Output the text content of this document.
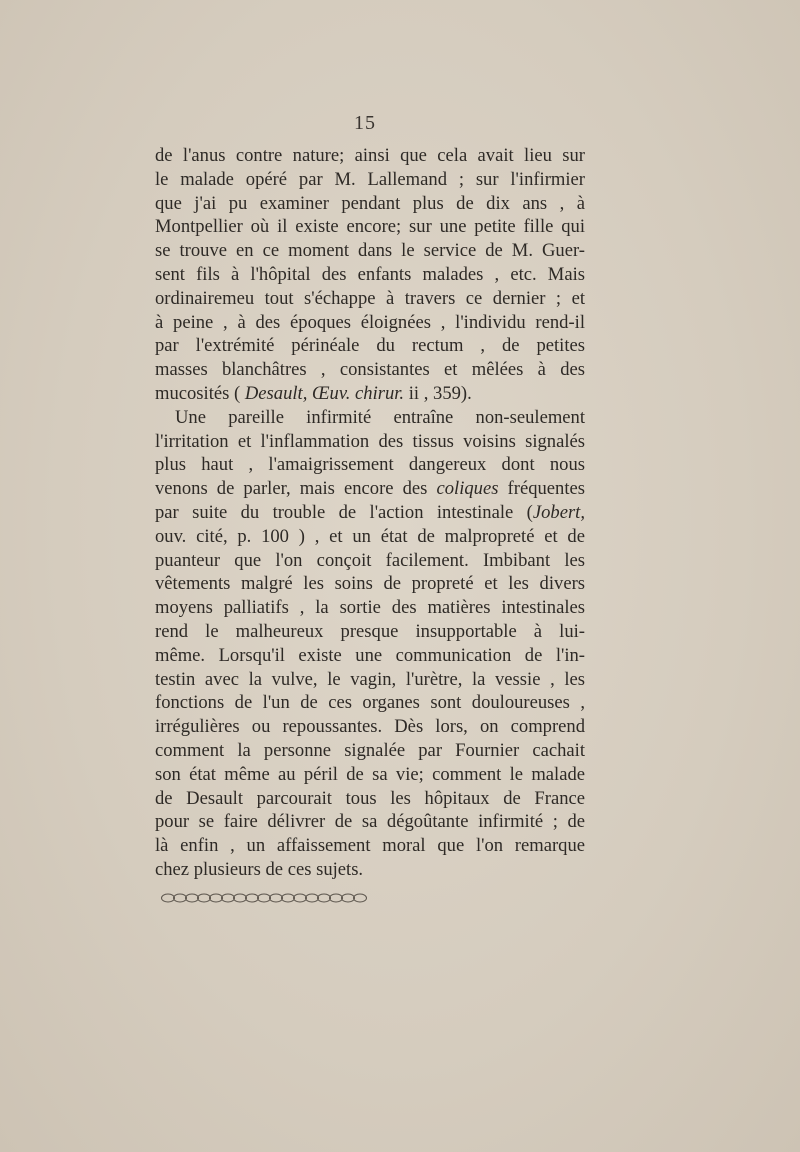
15
de l'anus contre nature; ainsi que cela avait lieu sur
le malade opéré par M. Lallemand ; sur l'infirmier
que j'ai pu examiner pendant plus de dix ans , à
Montpellier où il existe encore; sur une petite fille qui
se trouve en ce moment dans le service de M. Guer-
sent fils à l'hôpital des enfants malades , etc. Mais
ordinairemeu tout s'échappe à travers ce dernier ; et
à peine , à des époques éloignées , l'individu rend-il
par l'extrémité périnéale du rectum , de petites
masses blanchâtres , consistantes et mêlées à des
mucosités ( Desault, Œuv. chirur. ii , 359).
Une pareille infirmité entraîne non-seulement
l'irritation et l'inflammation des tissus voisins signalés
plus haut , l'amaigrissement dangereux dont nous
venons de parler, mais encore des coliques fréquentes
par suite du trouble de l'action intestinale (Jobert,
ouv. cité, p. 100 ) , et un état de malpropreté et de
puanteur que l'on conçoit facilement. Imbibant les
vêtements malgré les soins de propreté et les divers
moyens palliatifs , la sortie des matières intestinales
rend le malheureux presque insupportable à lui-
même. Lorsqu'il existe une communication de l'in-
testin avec la vulve, le vagin, l'urètre, la vessie , les
fonctions de l'un de ces organes sont douloureuses ,
irrégulières ou repoussantes. Dès lors, on comprend
comment la personne signalée par Fournier cachait
son état même au péril de sa vie; comment le malade
de Desault parcourait tous les hôpitaux de France
pour se faire délivrer de sa dégoûtante infirmité ; de
là enfin , un affaissement moral que l'on remarque
chez plusieurs de ces sujets.
